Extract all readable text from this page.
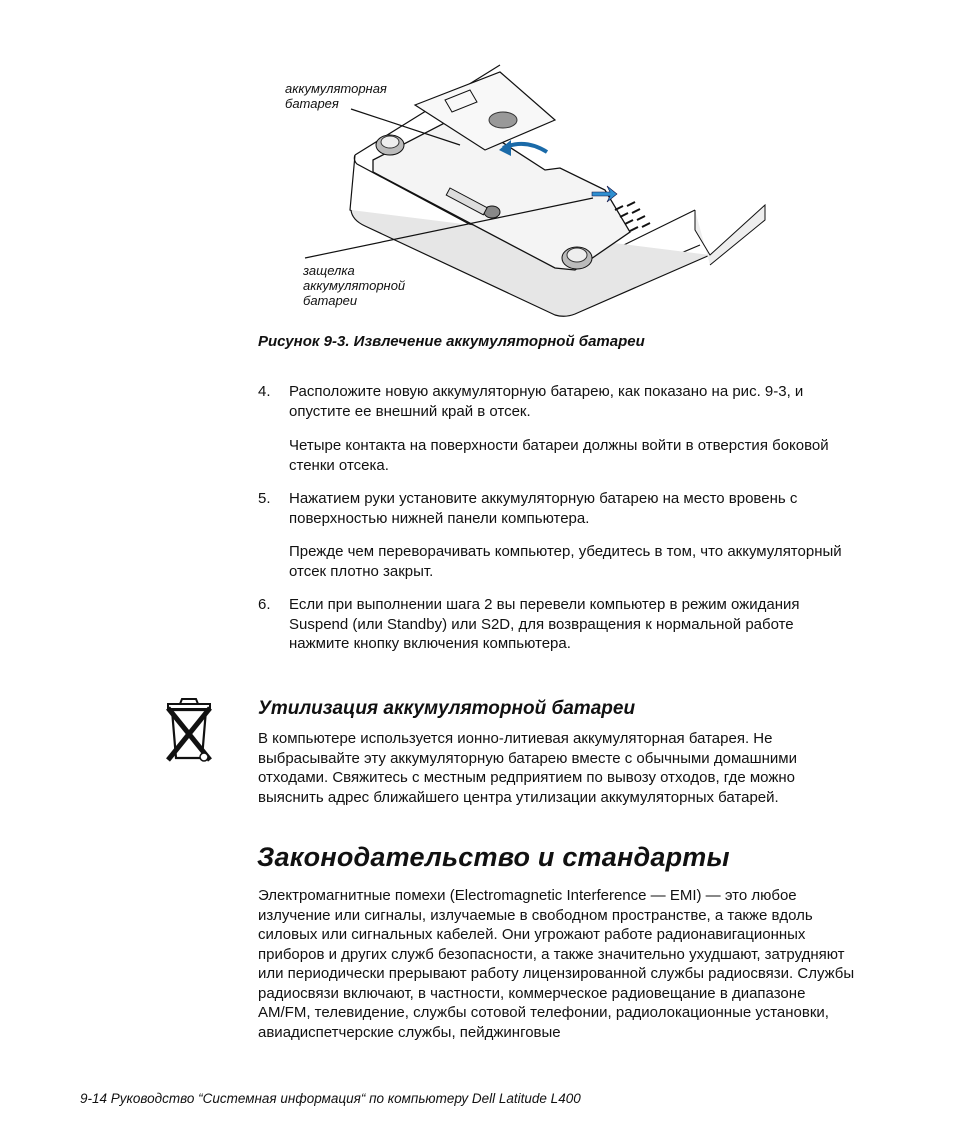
аккумуляторная
батарея
защелка
аккумуляторной
батареи
Рисунок 9-3. Извлечение аккумуляторной батареи
4. Расположите новую аккумуляторную батарею, как показано на рис. 9-3, и опустите ее внешний край в отсек.
Четыре контакта на поверхности батареи должны войти в отверстия боковой стенки отсека.
5. Нажатием руки установите аккумуляторную батарею на место вровень с поверхностью нижней панели компьютера.
Прежде чем переворачивать компьютер, убедитесь в том, что аккумуляторный отсек плотно закрыт.
6. Если при выполнении шага 2 вы перевели компьютер в режим ожидания Suspend (или Standby) или S2D, для возвращения к нормальной работе нажмите кнопку включения компьютера.
Утилизация аккумуляторной батареи
В компьютере используется ионно-литиевая аккумуляторная батарея. Не выбрасывайте эту аккумуляторную батарею вместе с обычными домашними отходами. Свяжитесь с местным редприятием по вывозу отходов, где можно выяснить адрес ближайшего центра утилизации аккумуляторных батарей.
Законодательство и стандарты
Электромагнитные помехи (Electromagnetic Interference — EMI) — это любое излучение или сигналы, излучаемые в свободном пространстве, а также вдоль силовых или сигнальных кабелей. Они угрожают работе радионавигационных приборов и других служб безопасности, а также значительно ухудшают, затрудняют или периодически прерывают работу лицензированной службы радиосвязи. Службы радиосвязи включают, в частности, коммерческое радиовещание в диапазоне AM/FM, телевидение, службы сотовой телефонии, радиолокационные установки, авиадиспетчерские службы, пейджинговые
9-14 Руководство “Системная информация“ по компьютеру Dell Latitude L400
